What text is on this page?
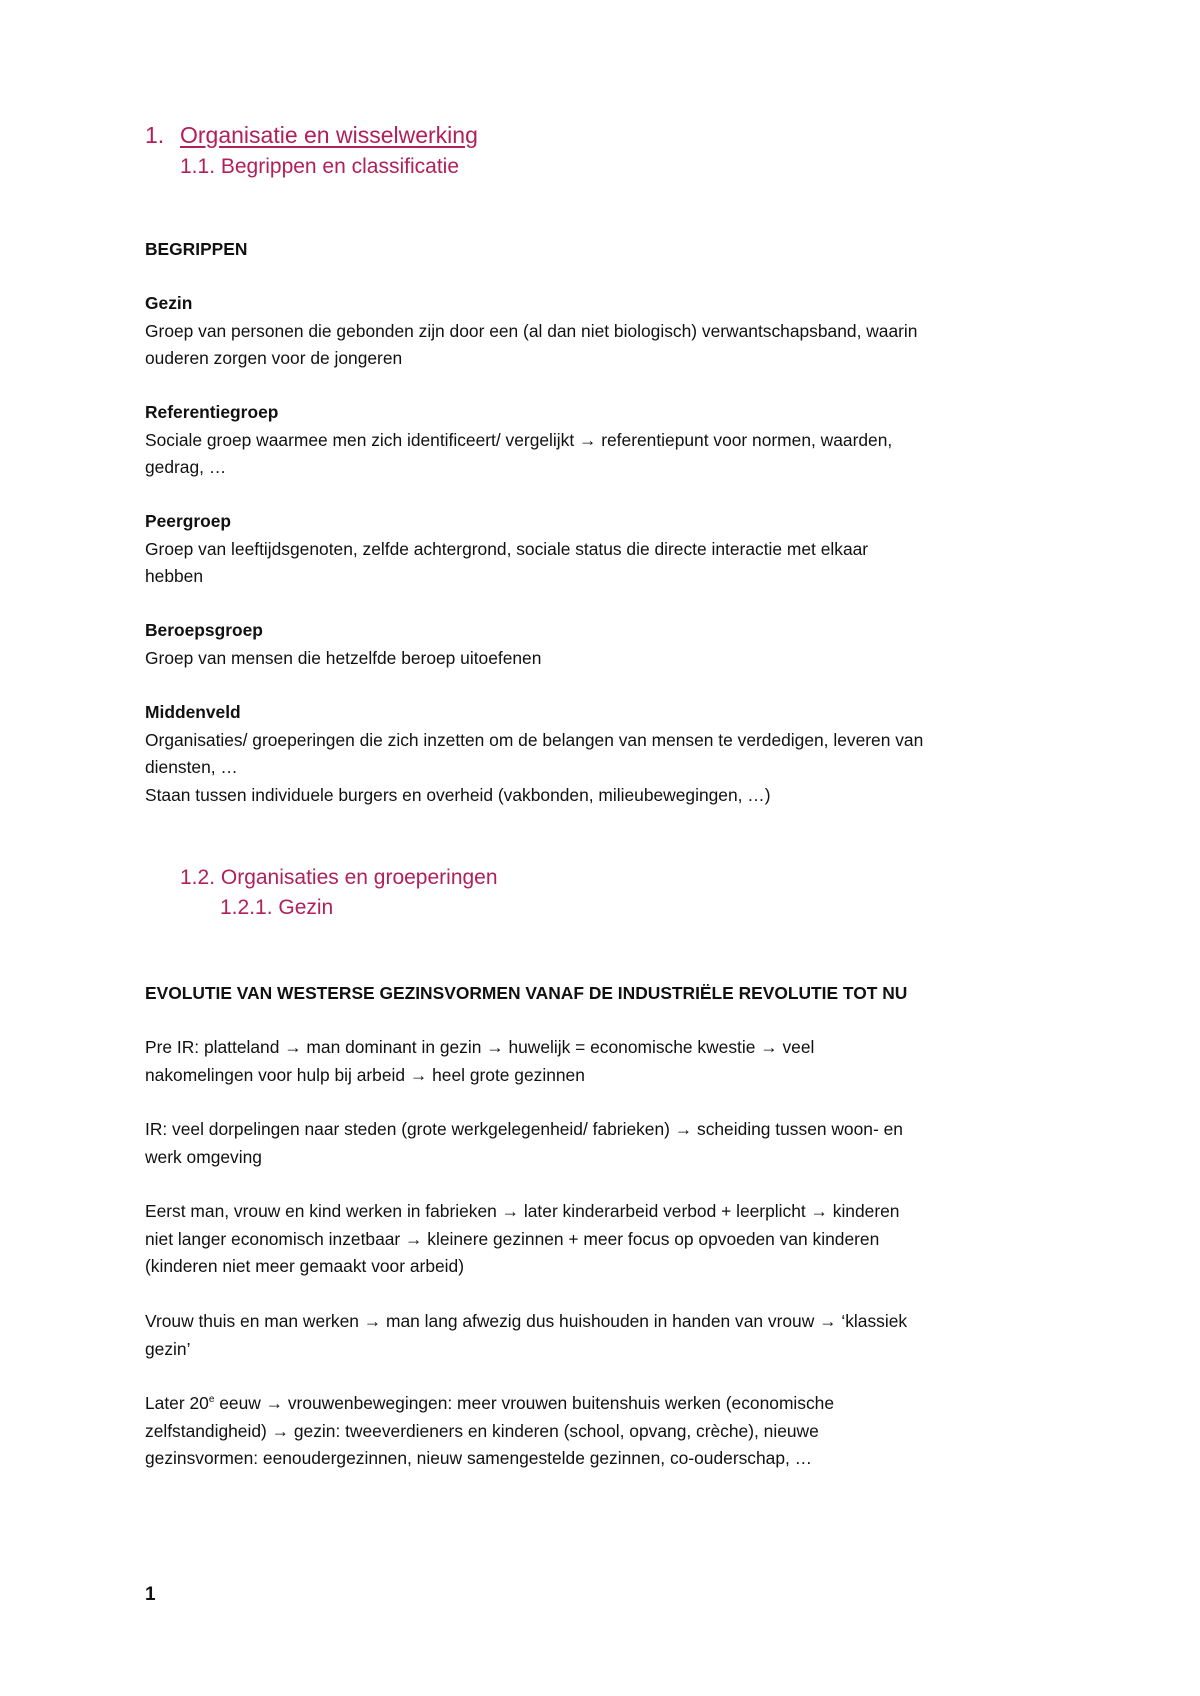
1. Organisatie en wisselwerking
1.1. Begrippen en classificatie
BEGRIPPEN
Gezin
Groep van personen die gebonden zijn door een (al dan niet biologisch) verwantschapsband, waarin
ouderen zorgen voor de jongeren
Referentiegroep
Sociale groep waarmee men zich identificeert/ vergelijkt → referentiepunt voor normen, waarden,
gedrag, …
Peergroep
Groep van leeftijdsgenoten, zelfde achtergrond, sociale status die directe interactie met elkaar
hebben
Beroepsgroep
Groep van mensen die hetzelfde beroep uitoefenen
Middenveld
Organisaties/ groeperingen die zich inzetten om de belangen van mensen te verdedigen, leveren van
diensten, …
Staan tussen individuele burgers en overheid (vakbonden, milieubewegingen, …)
1.2. Organisaties en groeperingen
1.2.1. Gezin
EVOLUTIE VAN WESTERSE GEZINSVORMEN VANAF DE INDUSTRIËLE REVOLUTIE TOT NU
Pre IR: platteland → man dominant in gezin → huwelijk = economische kwestie → veel
nakomelingen voor hulp bij arbeid → heel grote gezinnen
IR: veel dorpelingen naar steden (grote werkgelegenheid/ fabrieken) → scheiding tussen woon- en
werk omgeving
Eerst man, vrouw en kind werken in fabrieken → later kinderarbeid verbod + leerplicht → kinderen
niet langer economisch inzetbaar → kleinere gezinnen + meer focus op opvoeden van kinderen
(kinderen niet meer gemaakt voor arbeid)
Vrouw thuis en man werken → man lang afwezig dus huishouden in handen van vrouw → ‘klassiek
gezin’
Later 20e eeuw → vrouwenbewegingen: meer vrouwen buitenshuis werken (economische
zelfstandigheid) → gezin: tweeverdieners en kinderen (school, opvang, crèche), nieuwe
gezinsvormen: eenoudergezinnen, nieuw samengestelde gezinnen, co-ouderschap, …
1
